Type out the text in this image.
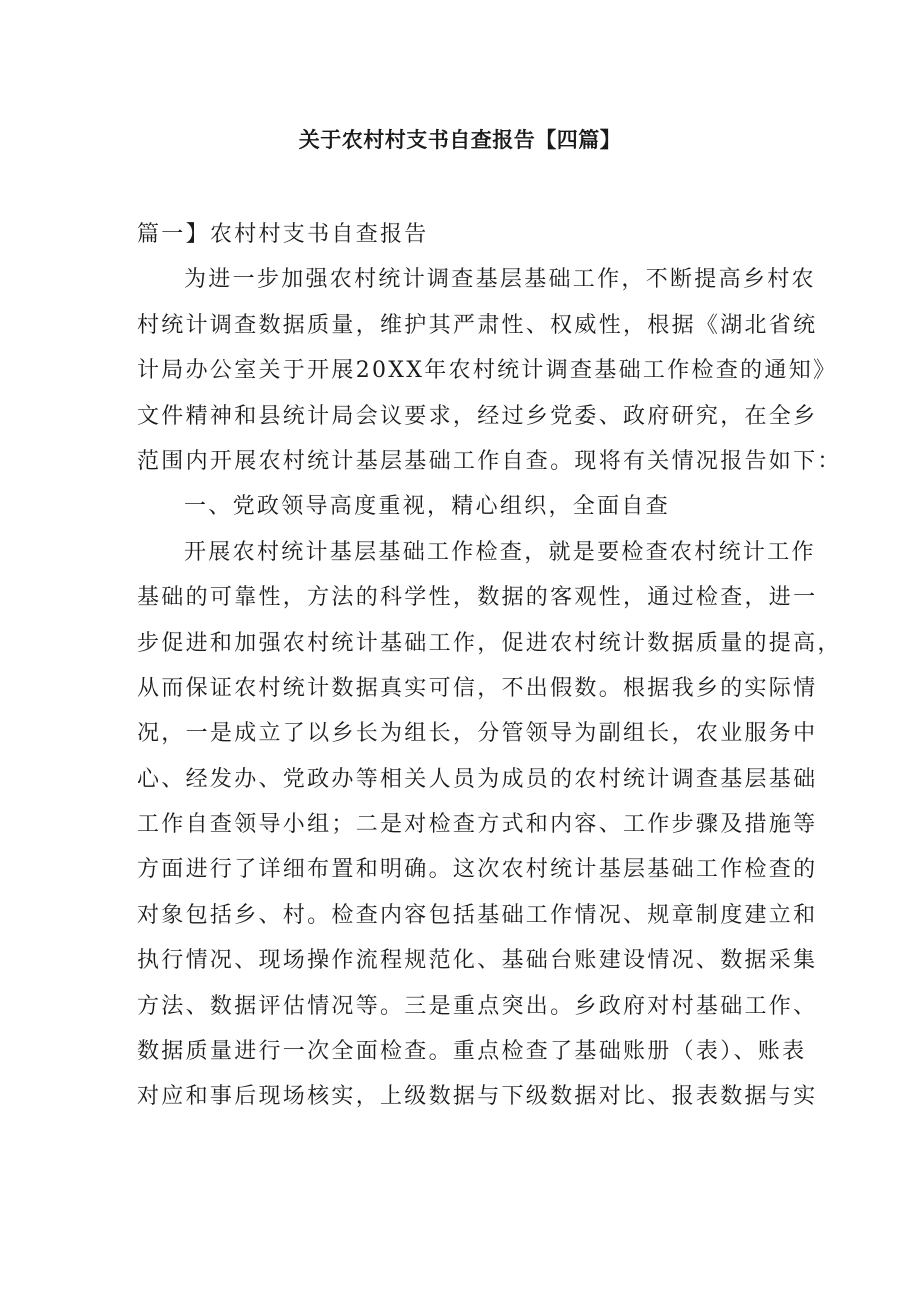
关于农村村支书自查报告【四篇】
篇一】农村村支书自查报告
为进一步加强农村统计调查基层基础工作，不断提高乡村农
村统计调查数据质量，维护其严肃性、权威性，根据《湖北省统
计局办公室关于开展20XX年农村统计调查基础工作检查的通知》
文件精神和县统计局会议要求，经过乡党委、政府研究，在全乡
范围内开展农村统计基层基础工作自查。现将有关情况报告如下：
一、党政领导高度重视，精心组织，全面自查
开展农村统计基层基础工作检查，就是要检查农村统计工作
基础的可靠性，方法的科学性，数据的客观性，通过检查，进一
步促进和加强农村统计基础工作，促进农村统计数据质量的提高，
从而保证农村统计数据真实可信，不出假数。根据我乡的实际情
况，一是成立了以乡长为组长，分管领导为副组长，农业服务中
心、经发办、党政办等相关人员为成员的农村统计调查基层基础
工作自查领导小组；二是对检查方式和内容、工作步骤及措施等
方面进行了详细布置和明确。这次农村统计基层基础工作检查的
对象包括乡、村。检查内容包括基础工作情况、规章制度建立和
执行情况、现场操作流程规范化、基础台账建设情况、数据采集
方法、数据评估情况等。三是重点突出。乡政府对村基础工作、
数据质量进行一次全面检查。重点检查了基础账册（表）、账表
对应和事后现场核实，上级数据与下级数据对比、报表数据与实
